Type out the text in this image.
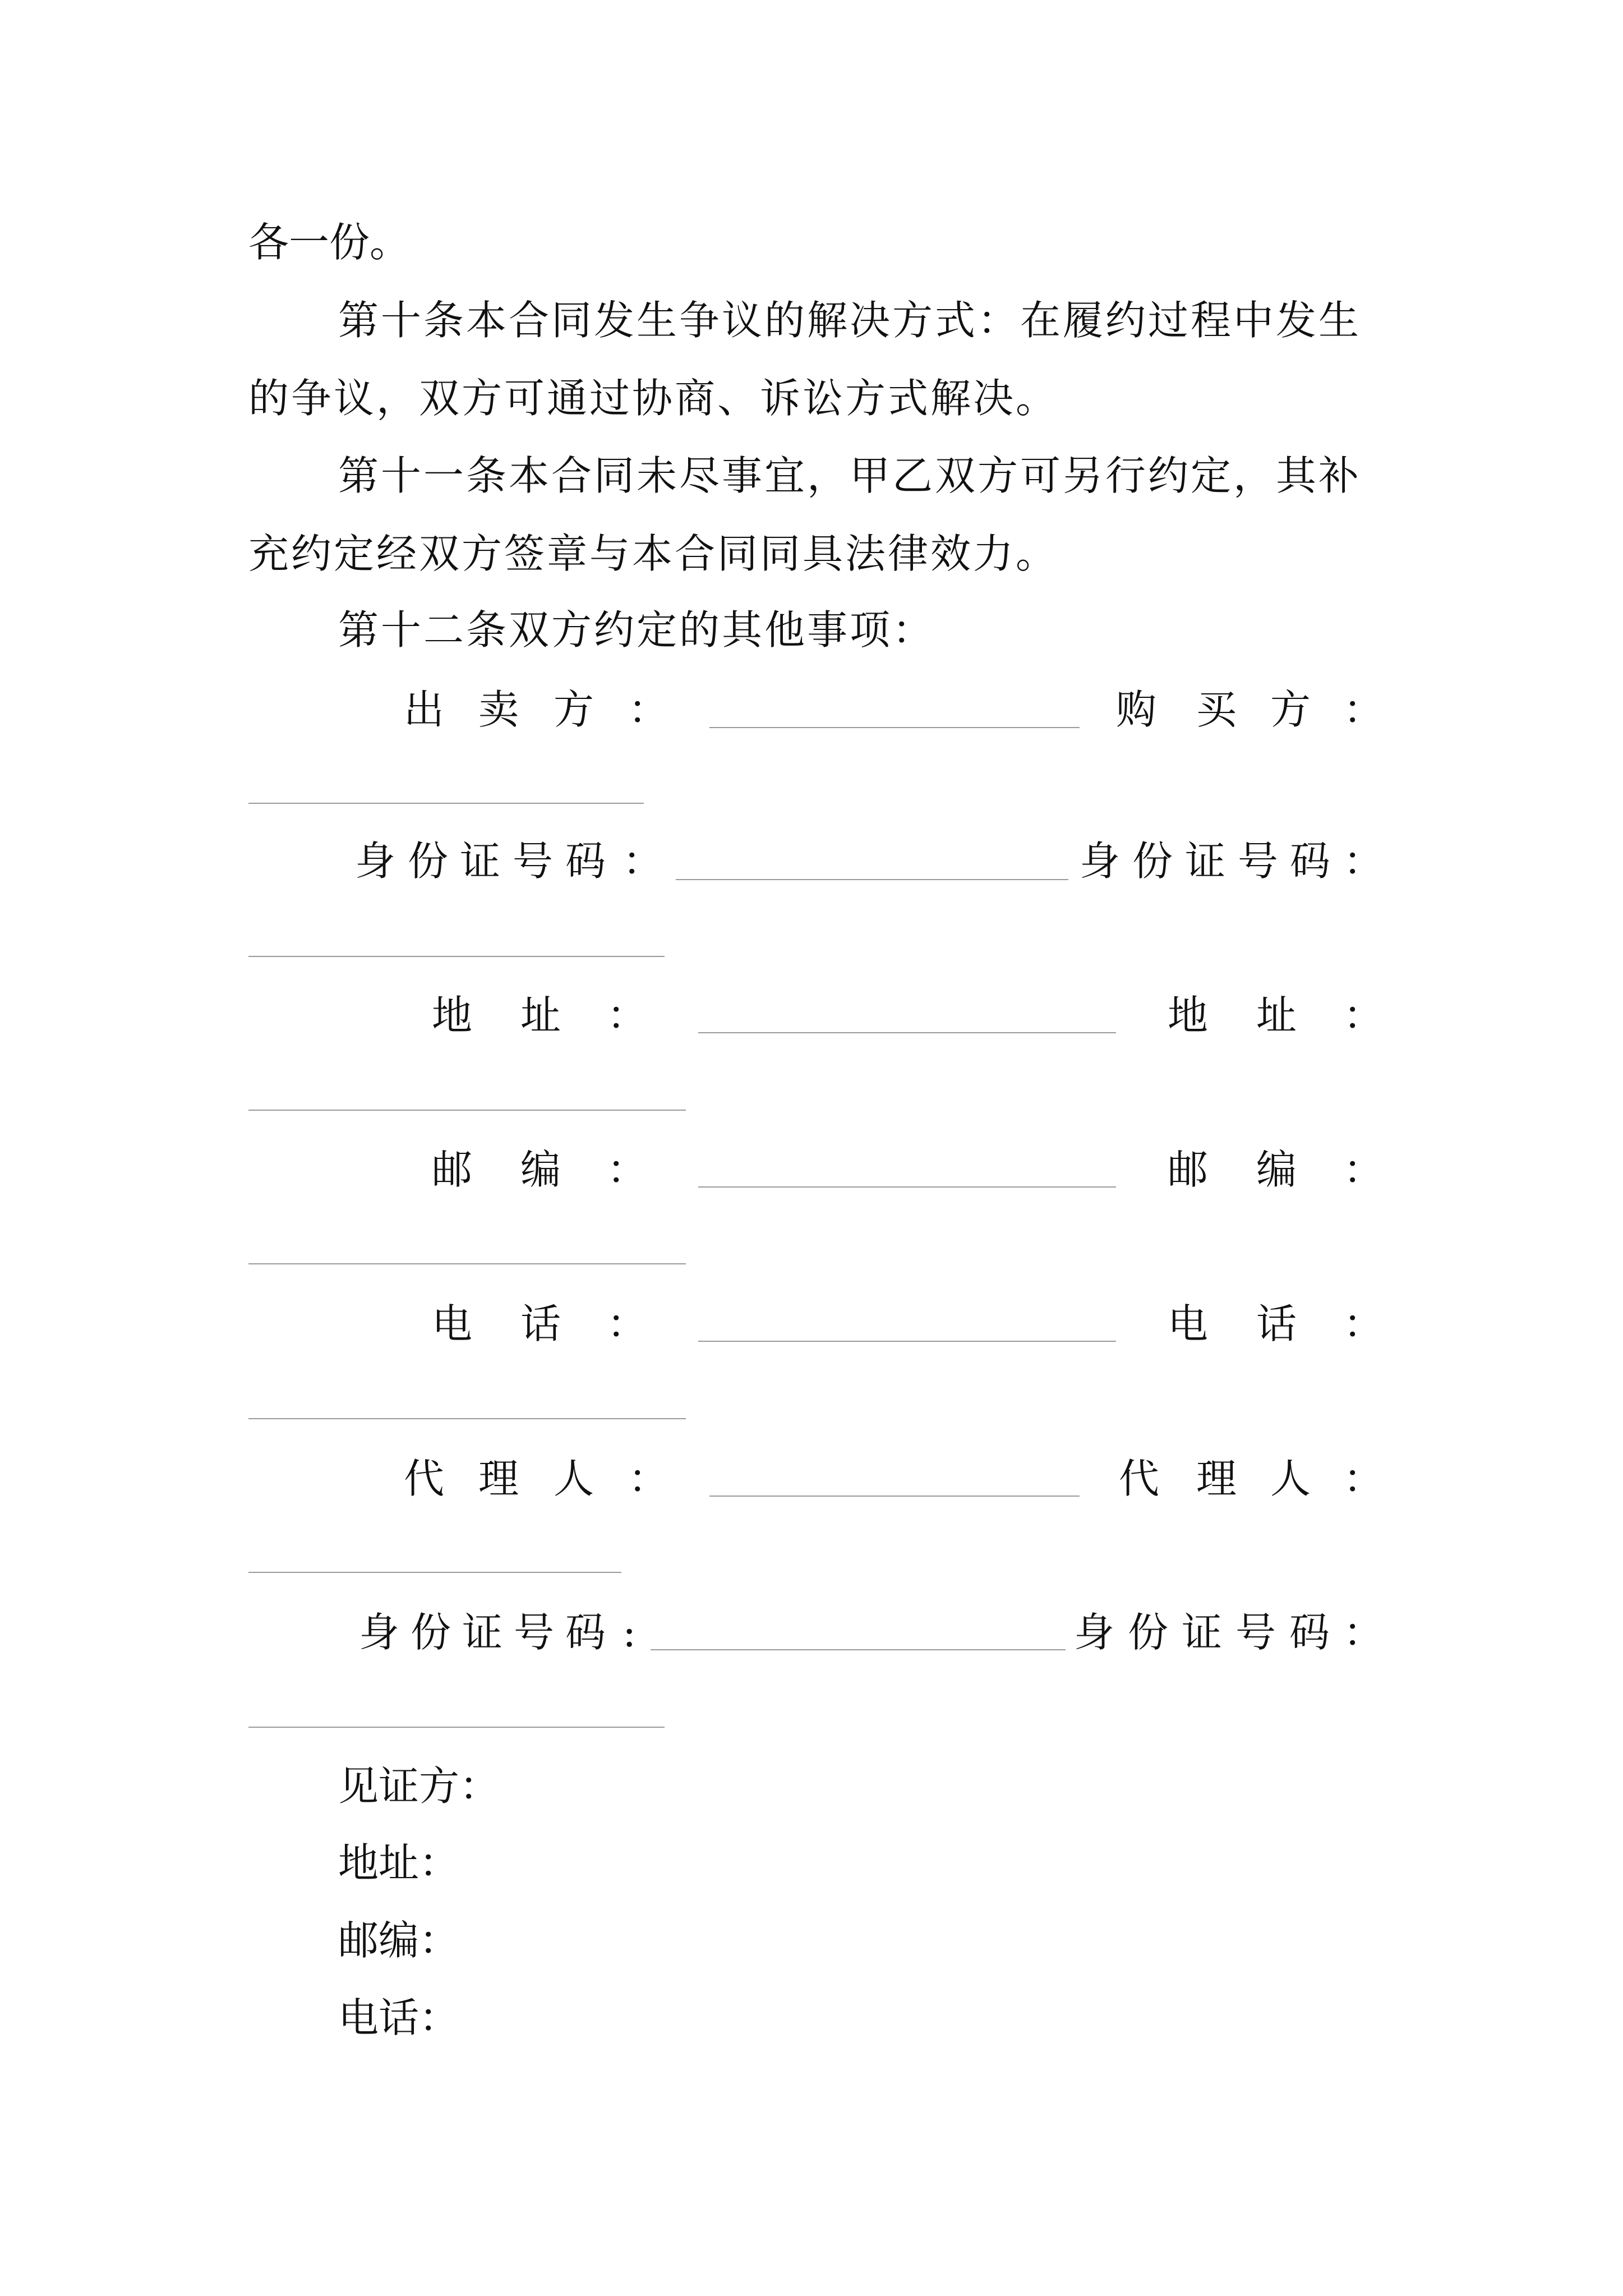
各一份。
第十条本合同发生争议的解决方式：在履约过程中发生
的争议，双方可通过协商、诉讼方式解决。
第十一条本合同未尽事宜，甲乙双方可另行约定，其补
充约定经双方签章与本合同同具法律效力。
第十二条双方约定的其他事项：
出 卖 方 ：	购 买 方 ：
身 份 证 号 码 ：	身 份 证 号 码 ：
地 址 ：	地 址 ：
邮 编 ：	邮 编 ：
电 话 ：	电 话 ：
代 理 人 ：	代 理 人 ：
身 份 证 号 码 :	身 份 证 号 码 ：
见证方：
地址：
邮编：
电话：
